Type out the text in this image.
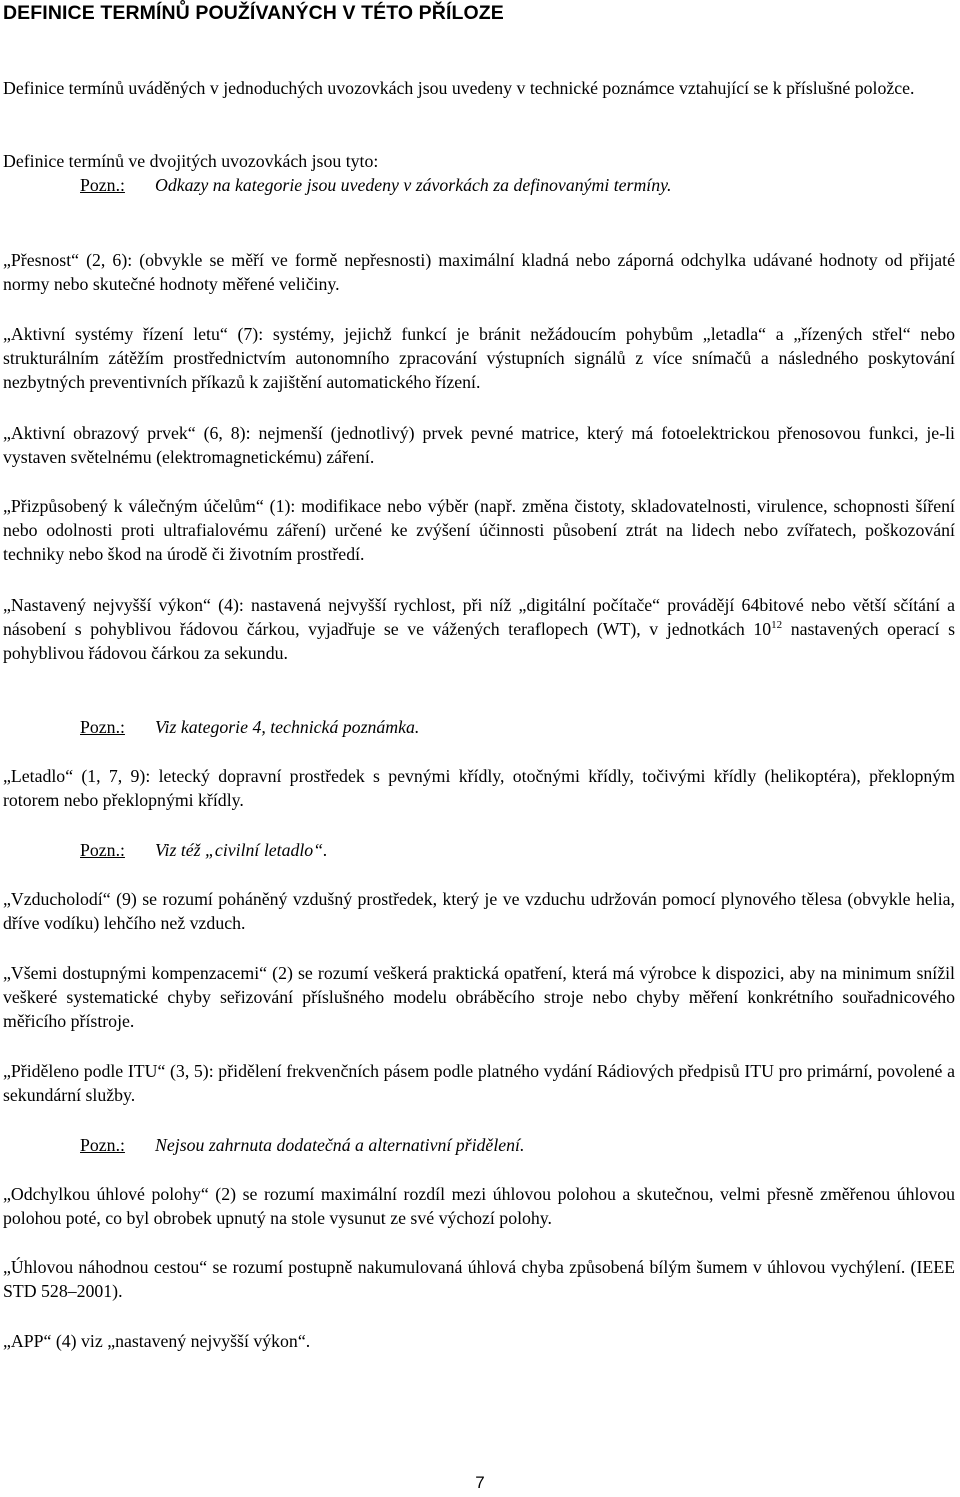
DEFINICE TERMÍNŮ POUŽÍVANÝCH V TÉTO PŘÍLOZE
Definice termínů uváděných v jednoduchých uvozovkách jsou uvedeny v technické poznámce vztahující se k příslušné položce.
Definice termínů ve dvojitých uvozovkách jsou tyto:
Pozn.: Odkazy na kategorie jsou uvedeny v závorkách za definovanými termíny.
„Přesnost“ (2, 6): (obvykle se měří ve formě nepřesnosti) maximální kladná nebo záporná odchylka udávané hodnoty od přijaté normy nebo skutečné hodnoty měřené veličiny.
„Aktivní systémy řízení letu“ (7): systémy, jejichž funkcí je bránit nežádoucím pohybům „letadla“ a „řízených střel“ nebo strukturálním zátěžím prostřednictvím autonomního zpracování výstupních signálů z více snímačů a následného poskytování nezbytných preventivních příkazů k zajištění automatického řízení.
„Aktivní obrazový prvek“ (6, 8): nejmenší (jednotlivý) prvek pevné matrice, který má fotoelektrickou přenosovou funkci, je-li vystaven světelnému (elektromagnetickému) záření.
„Přizpůsobený k válečným účelům“ (1): modifikace nebo výběr (např. změna čistoty, skladovatelnosti, virulence, schopnosti šíření nebo odolnosti proti ultrafialovému záření) určené ke zvýšení účinnosti působení ztrát na lidech nebo zvířatech, poškozování techniky nebo škod na úrodě či životním prostředí.
„Nastavený nejvyšší výkon“ (4): nastavená nejvyšší rychlost, při níž „digitální počítače“ provádějí 64bitové nebo větší sčítání a násobení s pohyblivou řádovou čárkou, vyjadřuje se ve vážených teraflopech (WT), v jednotkách $10^{12}$ nastavených operací s pohyblivou řádovou čárkou za sekundu.
Pozn.: Viz kategorie 4, technická poznámka.
„Letadlo“ (1, 7, 9): letecký dopravní prostředek s pevnými křídly, otočnými křídly, točivými křídly (helikoptéra), překlopným rotorem nebo překlopnými křídly.
Pozn.: Viz též „civilní letadlo“.
„Vzducholodí“ (9) se rozumí poháněný vzdušný prostředek, který je ve vzduchu udržován pomocí plynového tělesa (obvykle helia, dříve vodíku) lehčího než vzduch.
„Všemi dostupnými kompenzacemi“ (2) se rozumí veškerá praktická opatření, která má výrobce k dispozici, aby na minimum snížil veškeré systematické chyby seřizování příslušného modelu obráběcího stroje nebo chyby měření konkrétního souřadnicového měřicího přístroje.
„Přiděleno podle ITU“ (3, 5): přidělení frekvenčních pásem podle platného vydání Rádiových předpisů ITU pro primární, povolené a sekundární služby.
Pozn.: Nejsou zahrnuta dodatečná a alternativní přidělení.
„Odchylkou úhlové polohy“ (2) se rozumí maximální rozdíl mezi úhlovou polohou a skutečnou, velmi přesně změřenou úhlovou polohou poté, co byl obrobek upnutý na stole vysunut ze své výchozí polohy.
„Úhlovou náhodnou cestou“ se rozumí postupně nakumulovaná úhlová chyba způsobená bílým šumem v úhlovou vychýlení. (IEEE STD 528–2001).
„APP“ (4) viz „nastavený nejvyšší výkon“.
7
